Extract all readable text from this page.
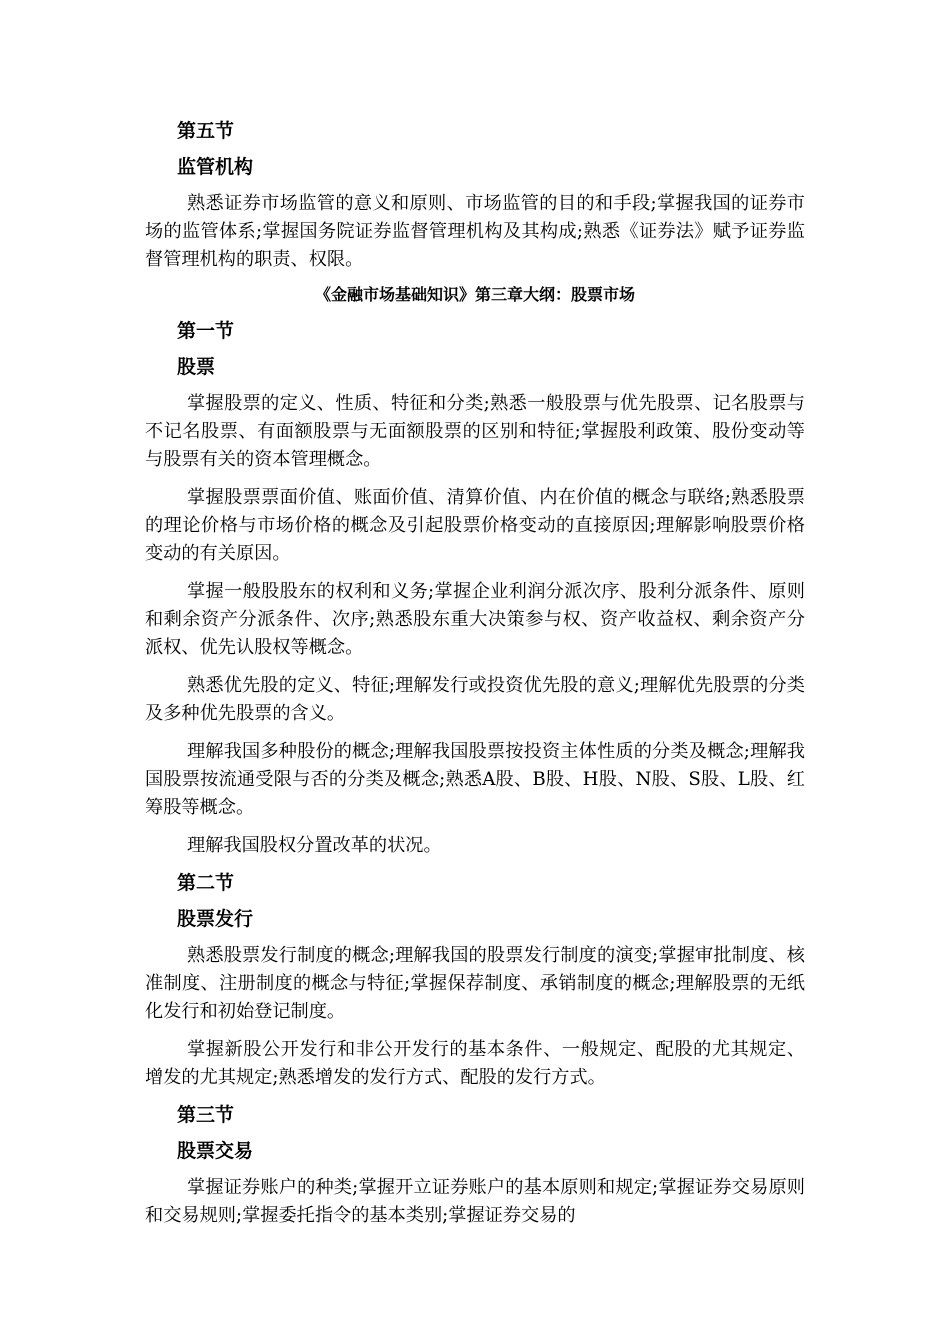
第五节
监管机构

熟悉证券市场监管的意义和原则、市场监管的目的和手段;掌握我国的证券市场的监管体系;掌握国务院证券监督管理机构及其构成;熟悉《证券法》赋予证券监督管理机构的职责、权限。

《金融市场基础知识》第三章大纲：股票市场
第一节
股票

掌握股票的定义、性质、特征和分类;熟悉一般股票与优先股票、记名股票与不记名股票、有面额股票与无面额股票的区别和特征;掌握股利政策、股份变动等与股票有关的资本管理概念。

掌握股票票面价值、账面价值、清算价值、内在价值的概念与联络;熟悉股票的理论价格与市场价格的概念及引起股票价格变动的直接原因;理解影响股票价格变动的有关原因。

掌握一般股股东的权利和义务;掌握企业利润分派次序、股利分派条件、原则和剩余资产分派条件、次序;熟悉股东重大决策参与权、资产收益权、剩余资产分派权、优先认股权等概念。

熟悉优先股的定义、特征;理解发行或投资优先股的意义;理解优先股票的分类及多种优先股票的含义。

理解我国多种股份的概念;理解我国股票按投资主体性质的分类及概念;理解我国股票按流通受限与否的分类及概念;熟悉A股、B股、H股、N股、S股、L股、红筹股等概念。

理解我国股权分置改革的状况。

第二节
股票发行

熟悉股票发行制度的概念;理解我国的股票发行制度的演变;掌握审批制度、核准制度、注册制度的概念与特征;掌握保荐制度、承销制度的概念;理解股票的无纸化发行和初始登记制度。

掌握新股公开发行和非公开发行的基本条件、一般规定、配股的尤其规定、增发的尤其规定;熟悉增发的发行方式、配股的发行方式。

第三节
股票交易

掌握证券账户的种类;掌握开立证券账户的基本原则和规定;掌握证券交易原则和交易规则;掌握委托指令的基本类别;掌握证券交易的
